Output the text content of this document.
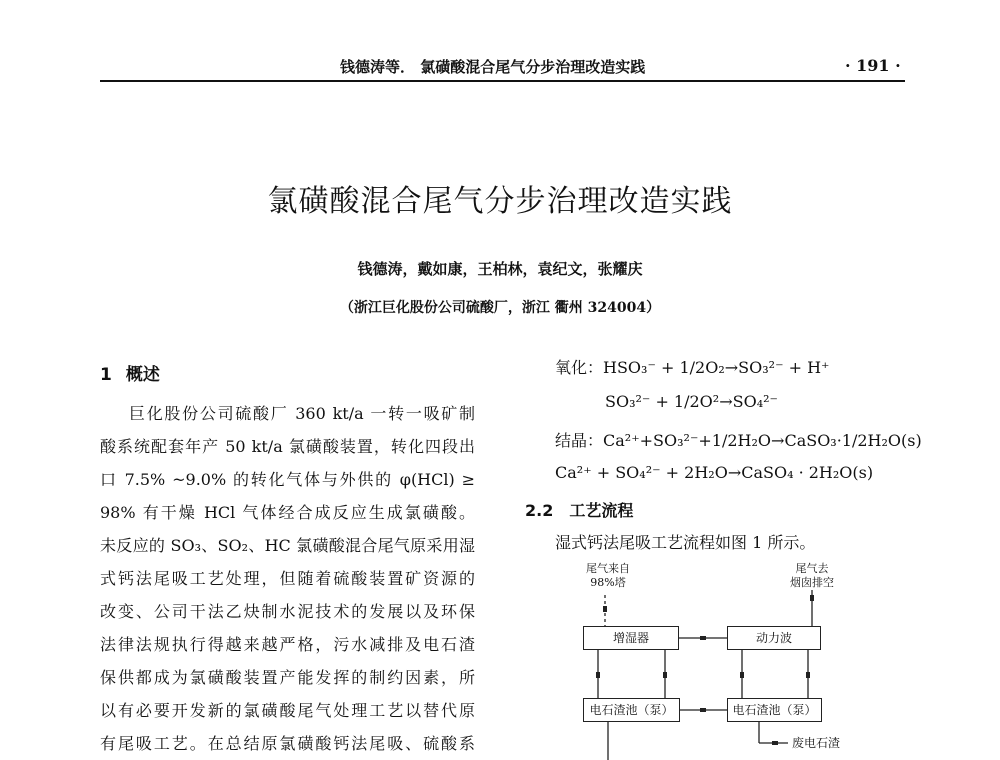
钱德涛等． 氯磺酸混合尾气分步治理改造实践	· 191 ·
氯磺酸混合尾气分步治理改造实践
钱德涛，戴如康，王柏林，袁纪文，张耀庆
（浙江巨化股份公司硫酸厂，浙江 衢州 324004）
1 概述
巨化股份公司硫酸厂 360 kt/a 一转一吸矿制
酸系统配套年产 50 kt/a 氯磺酸装置，转化四段出
口 7.5% ~9.0% 的转化气体与外供的 φ(HCl) ≥
98% 有干燥 HCl 气体经合成反应生成氯磺酸。
未反应的 SO₃、SO₂、HC 氯磺酸混合尾气原采用湿
式钙法尾吸工艺处理，但随着硫酸装置矿资源的
改变、公司干法乙炔制水泥技术的发展以及环保
法律法规执行得越来越严格，污水减排及电石渣
保供都成为氯磺酸装置产能发挥的制约因素，所
以有必要开发新的氯磺酸尾气处理工艺以替代原
有尾吸工艺。在总结原氯磺酸钙法尾吸、硫酸系
氧化：HSO₃⁻ + 1/2O₂→SO₃²⁻ + H⁺
SO₃²⁻ + 1/2O²→SO₄²⁻
结晶：Ca²⁺+SO₃²⁻+1/2H₂O→CaSO₃·1/2H₂O(s)
Ca²⁺ + SO₄²⁻ + 2H₂O→CaSO₄ · 2H₂O(s)
2.2 工艺流程
湿式钙法尾吸工艺流程如图 1 所示。
尾气来自
98%塔
尾气去
烟囱排空
增湿器	动力波
电石渣池（泵）	电石渣池（泵）
废电石渣
